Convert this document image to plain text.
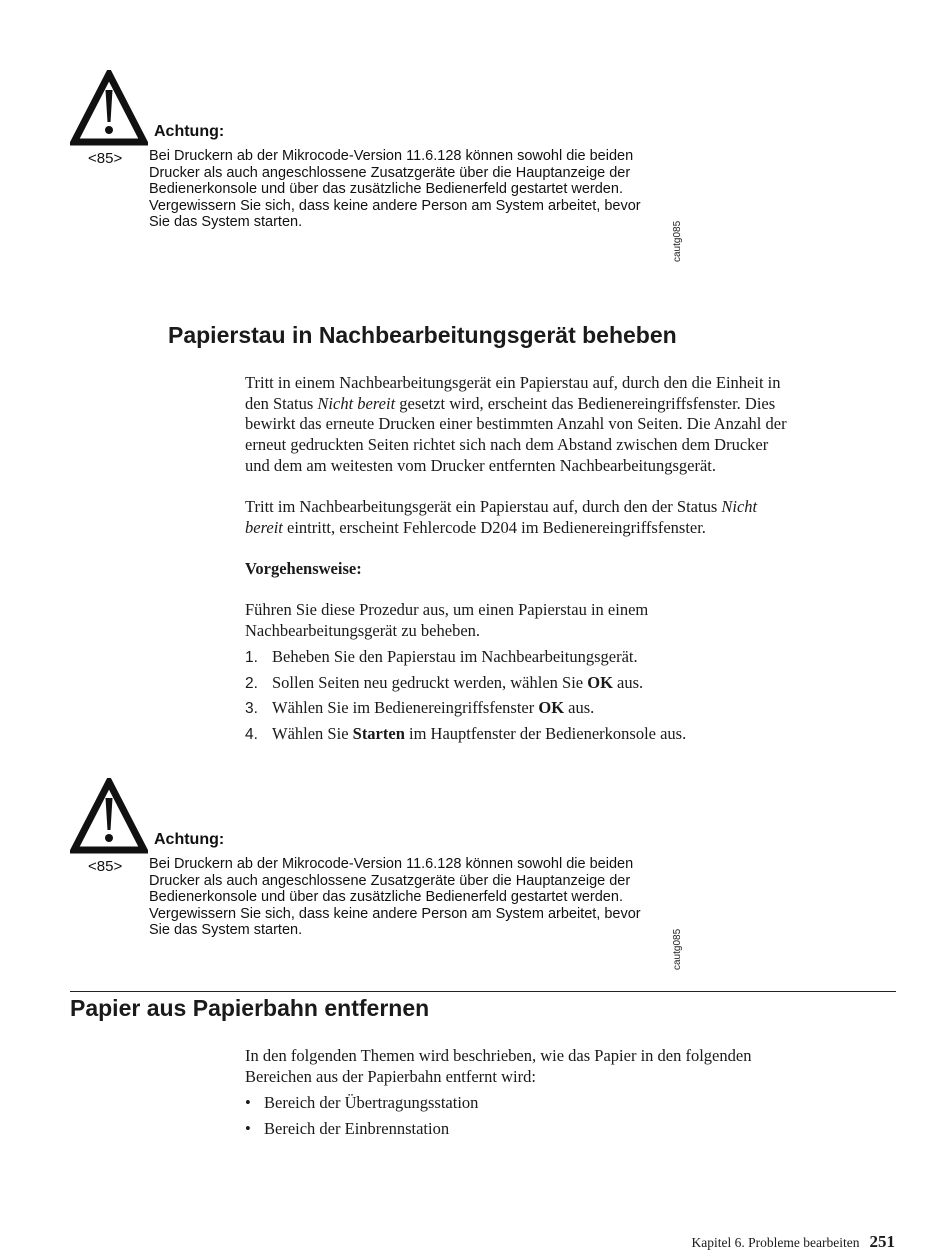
Achtung:
<85> Bei Druckern ab der Mikrocode-Version 11.6.128 können sowohl die beiden
Drucker als auch angeschlossene Zusatzgeräte über die Hauptanzeige der
Bedienerkonsole und über das zusätzliche Bedienerfeld gestartet werden.
Vergewissern Sie sich, dass keine andere Person am System arbeitet, bevor
Sie das System starten.	cautg085
Papierstau in Nachbearbeitungsgerät beheben

Tritt in einem Nachbearbeitungsgerät ein Papierstau auf, durch den die Einheit in
den Status Nicht bereit gesetzt wird, erscheint das Bedienereingriffsfenster. Dies
bewirkt das erneute Drucken einer bestimmten Anzahl von Seiten. Die Anzahl der
erneut gedruckten Seiten richtet sich nach dem Abstand zwischen dem Drucker
und dem am weitesten vom Drucker entfernten Nachbearbeitungsgerät.

Tritt im Nachbearbeitungsgerät ein Papierstau auf, durch den der Status Nicht
bereit eintritt, erscheint Fehlercode D204 im Bedienereingriffsfenster.

Vorgehensweise:

Führen Sie diese Prozedur aus, um einen Papierstau in einem
Nachbearbeitungsgerät zu beheben.

1. Beheben Sie den Papierstau im Nachbearbeitungsgerät.
2. Sollen Seiten neu gedruckt werden, wählen Sie OK aus.
3. Wählen Sie im Bedienereingriffsfenster OK aus.
4. Wählen Sie Starten im Hauptfenster der Bedienerkonsole aus.
Achtung:
<85> Bei Druckern ab der Mikrocode-Version 11.6.128 können sowohl die beiden
Drucker als auch angeschlossene Zusatzgeräte über die Hauptanzeige der
Bedienerkonsole und über das zusätzliche Bedienerfeld gestartet werden.
Vergewissern Sie sich, dass keine andere Person am System arbeitet, bevor
Sie das System starten.	cautg085
Papier aus Papierbahn entfernen

In den folgenden Themen wird beschrieben, wie das Papier in den folgenden
Bereichen aus der Papierbahn entfernt wird:

• Bereich der Übertragungsstation
• Bereich der Einbrennstation
Kapitel 6. Probleme bearbeiten 251
